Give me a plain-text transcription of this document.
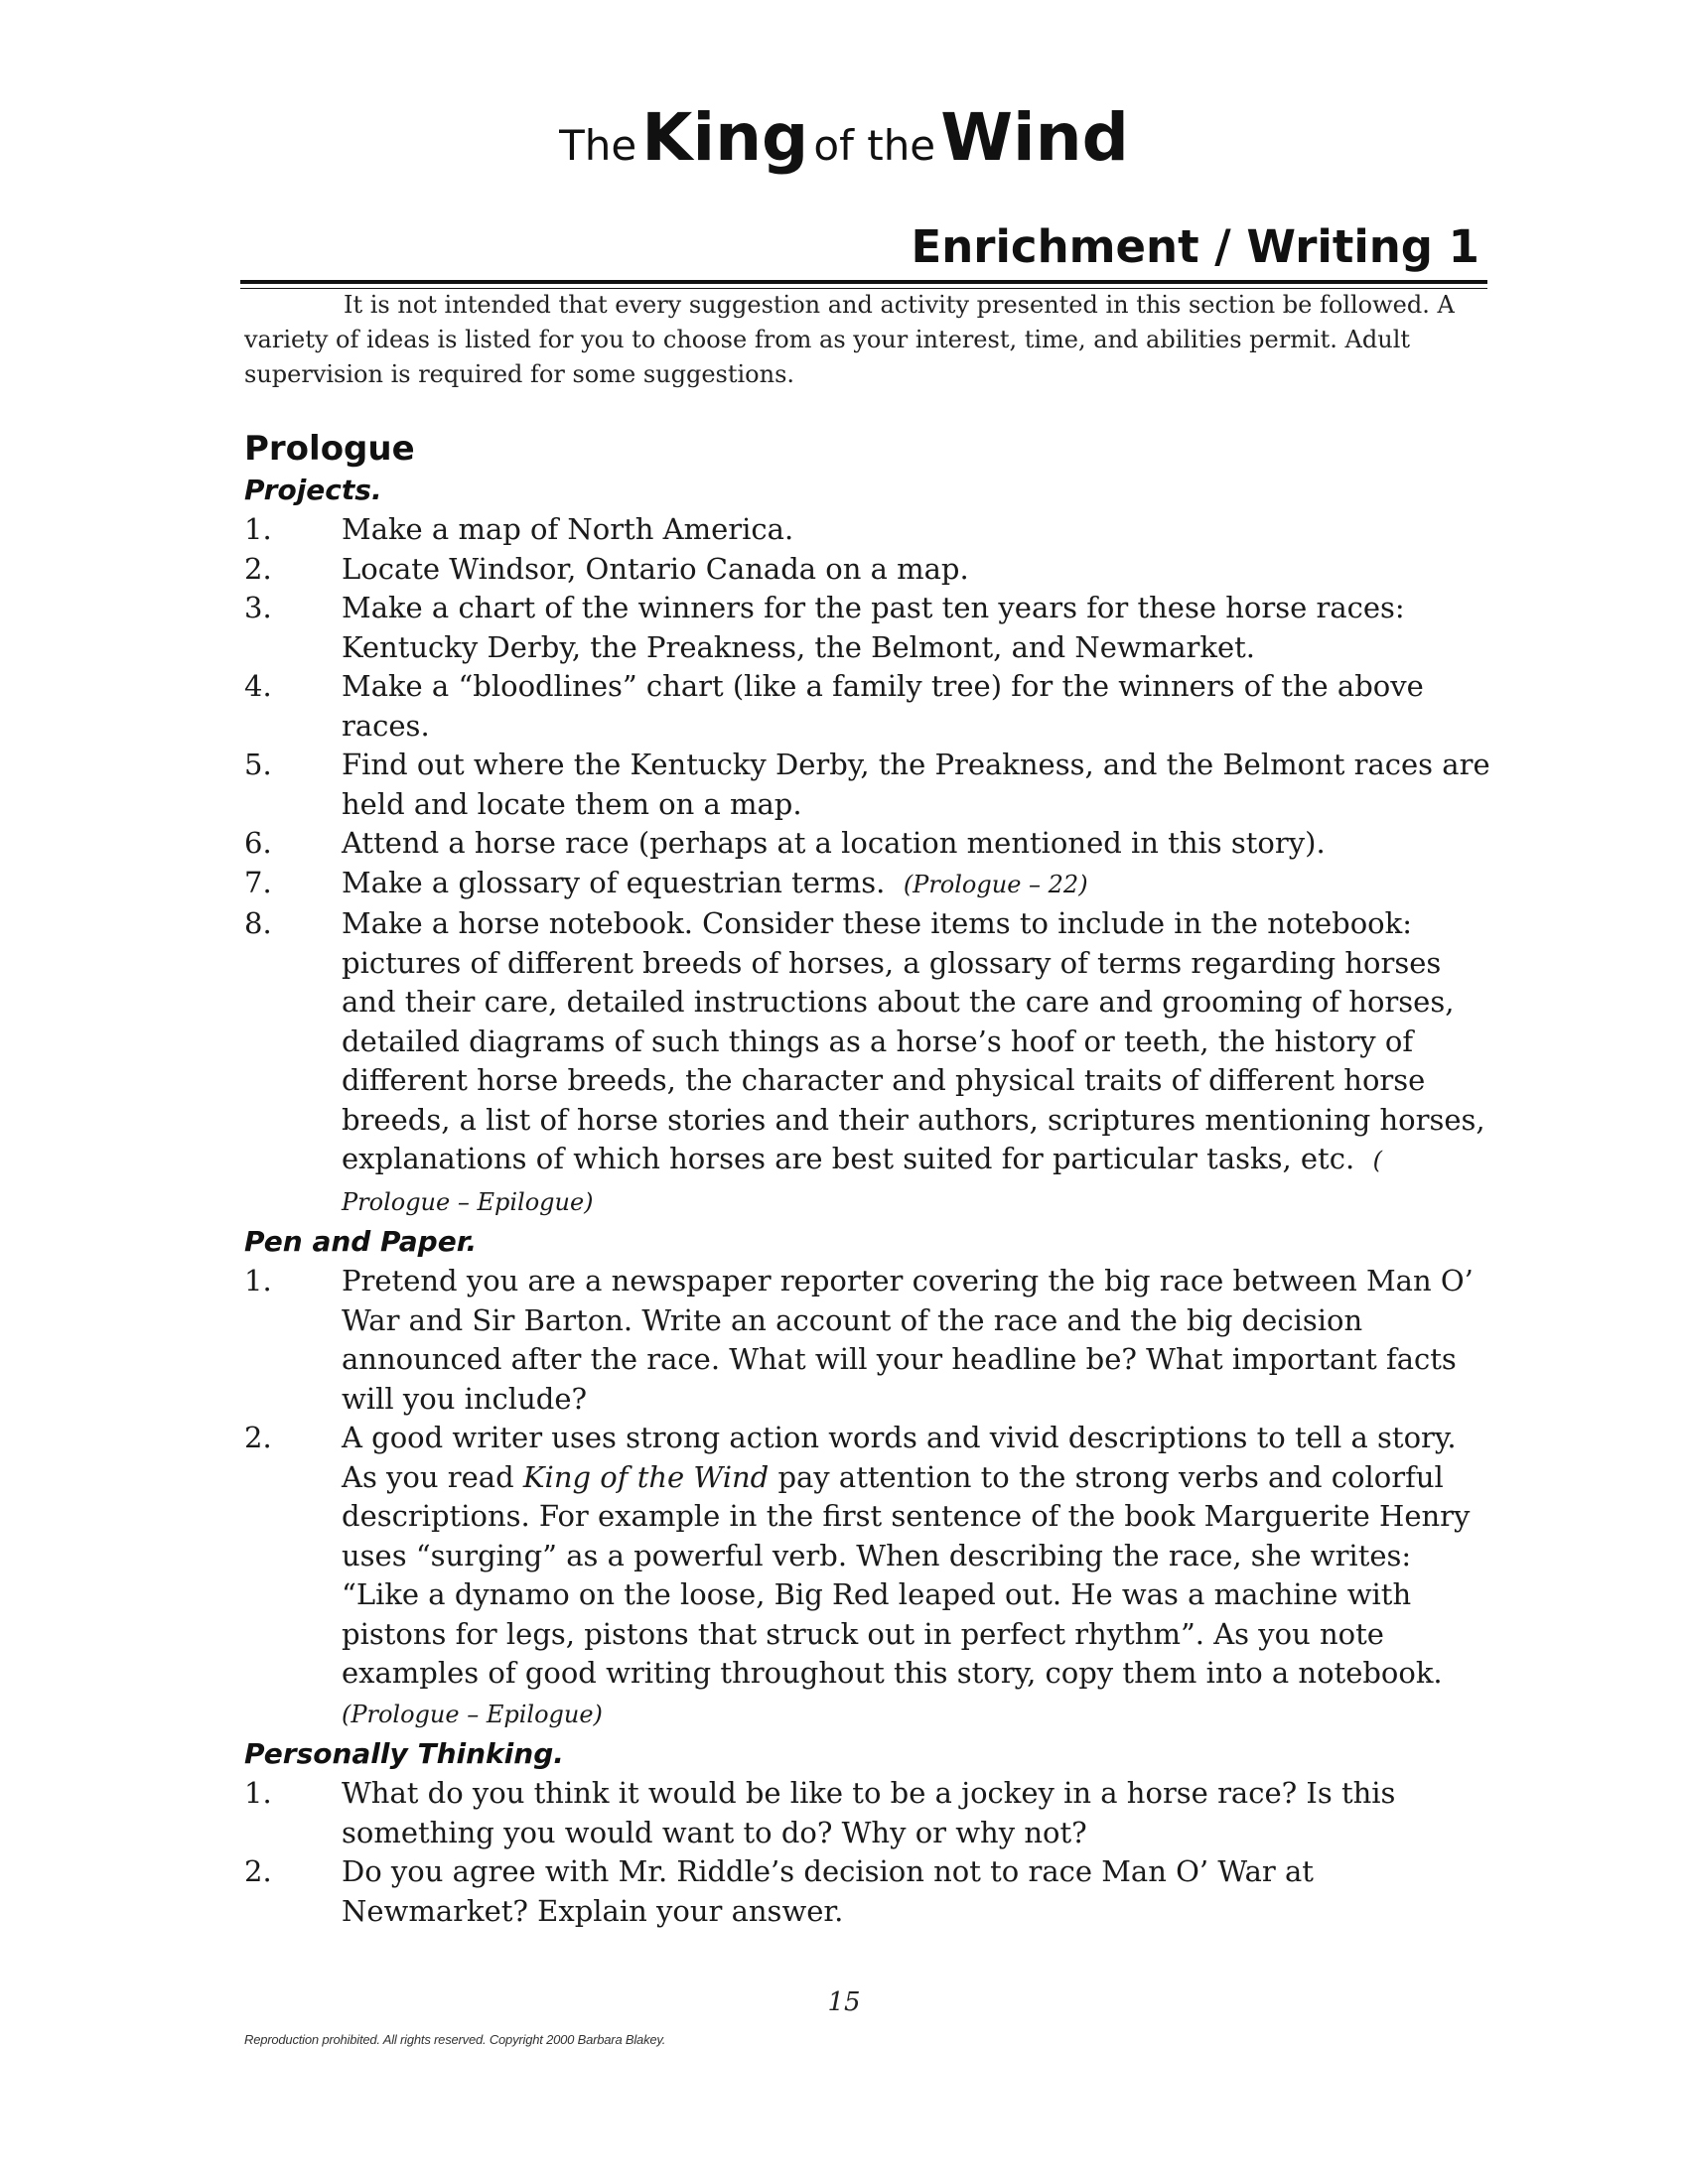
The King of the Wind
Enrichment / Writing 1

It is not intended that every suggestion and activity presented in this section be followed. A variety of ideas is listed for you to choose from as your interest, time, and abilities permit. Adult supervision is required for some suggestions.

Prologue
Projects.
1. Make a map of North America.
2. Locate Windsor, Ontario Canada on a map.
3. Make a chart of the winners for the past ten years for these horse races: Kentucky Derby, the Preakness, the Belmont, and Newmarket.
4. Make a “bloodlines” chart (like a family tree) for the winners of the above races.
5. Find out where the Kentucky Derby, the Preakness, and the Belmont races are held and locate them on a map.
6. Attend a horse race (perhaps at a location mentioned in this story).
7. Make a glossary of equestrian terms. (Prologue – 22)
8. Make a horse notebook. Consider these items to include in the notebook: pictures of different breeds of horses, a glossary of terms regarding horses and their care, detailed instructions about the care and grooming of horses, detailed diagrams of such things as a horse’s hoof or teeth, the history of different horse breeds, the character and physical traits of different horse breeds, a list of horse stories and their authors, scriptures mentioning horses, explanations of which horses are best suited for particular tasks, etc. ( Prologue – Epilogue)
Pen and Paper.
1. Pretend you are a newspaper reporter covering the big race between Man O’ War and Sir Barton. Write an account of the race and the big decision announced after the race. What will your headline be? What important facts will you include?
2. A good writer uses strong action words and vivid descriptions to tell a story. As you read King of the Wind pay attention to the strong verbs and colorful descriptions. For example in the first sentence of the book Marguerite Henry uses “surging” as a powerful verb. When describing the race, she writes: “Like a dynamo on the loose, Big Red leaped out. He was a machine with pistons for legs, pistons that struck out in perfect rhythm”. As you note examples of good writing throughout this story, copy them into a notebook.  (Prologue – Epilogue)
Personally Thinking.
1. What do you think it would be like to be a jockey in a horse race? Is this something you would want to do? Why or why not?
2. Do you agree with Mr. Riddle’s decision not to race Man O’ War at Newmarket? Explain your answer.
15
Reproduction prohibited. All rights reserved. Copyright 2000 Barbara Blakey.
